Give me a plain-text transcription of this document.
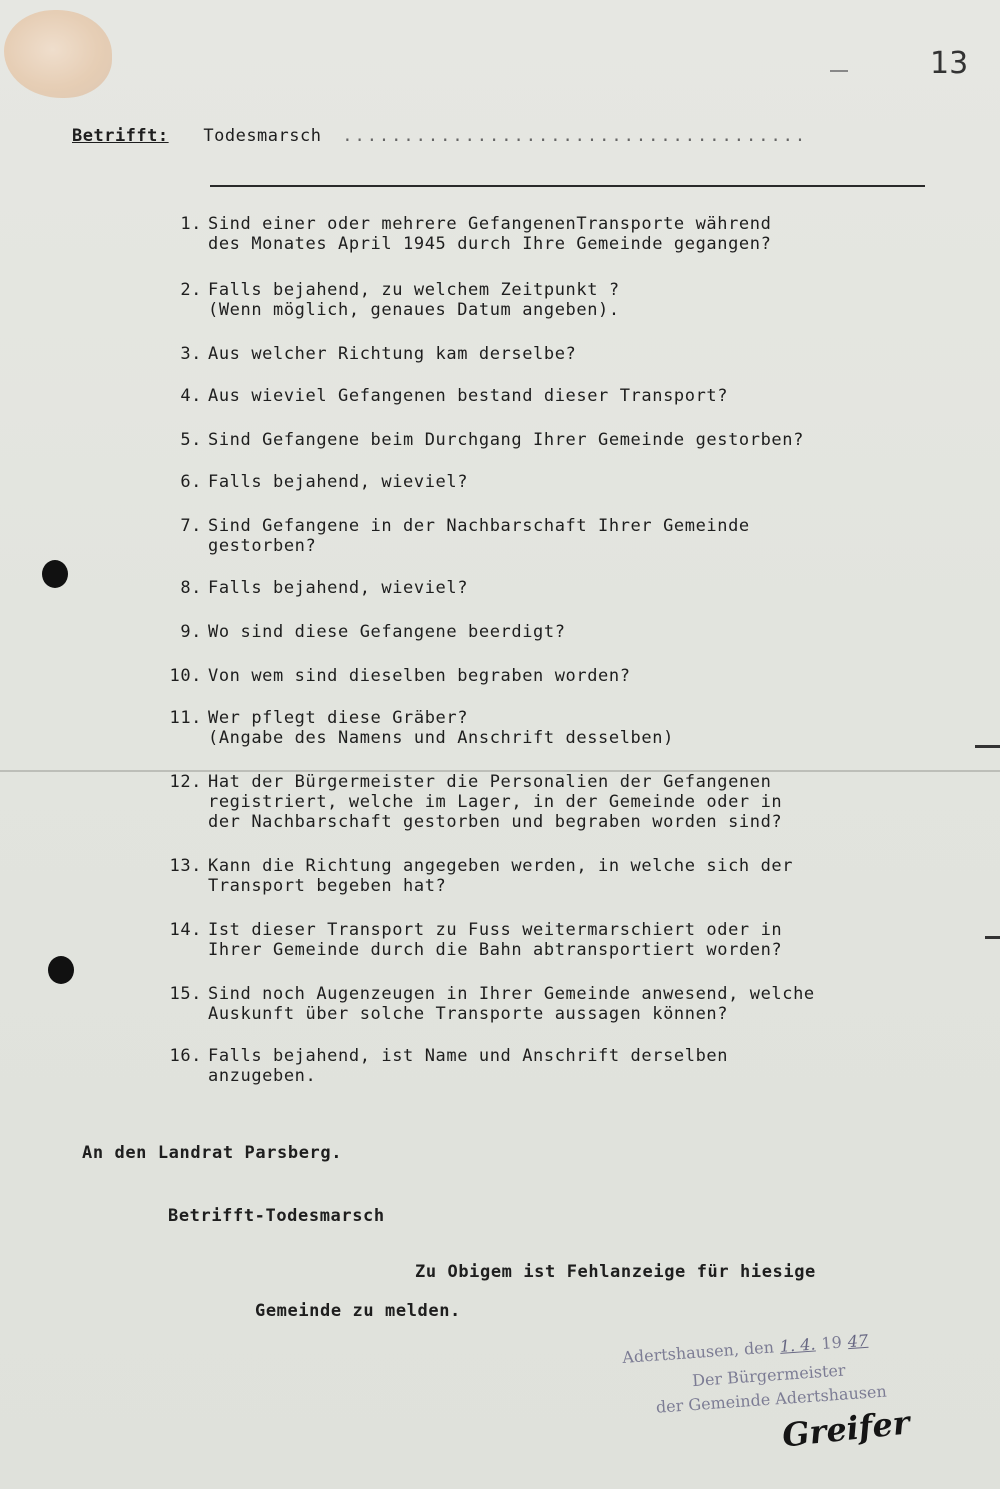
13
Betrifft: Todesmarsch ......................................
1. Sind einer oder mehrere GefangenenTransporte während
des Monates April 1945 durch Ihre Gemeinde gegangen?
2. Falls bejahend, zu welchem Zeitpunkt ?
(Wenn möglich, genaues Datum angeben).
3. Aus welcher Richtung kam derselbe?
4. Aus wieviel Gefangenen bestand dieser Transport?
5. Sind Gefangene beim Durchgang Ihrer Gemeinde gestorben?
6. Falls bejahend, wieviel?
7. Sind Gefangene in der Nachbarschaft Ihrer Gemeinde
gestorben?
8. Falls bejahend, wieviel?
9. Wo sind diese Gefangene beerdigt?
10. Von wem sind dieselben begraben worden?
11. Wer pflegt diese Gräber?
(Angabe des Namens und Anschrift desselben)
12. Hat der Bürgermeister die Personalien der Gefangenen
registriert, welche im Lager, in der Gemeinde oder in
der Nachbarschaft gestorben und begraben worden sind?
13. Kann die Richtung angegeben werden, in welche sich der
Transport begeben hat?
14. Ist dieser Transport zu Fuss weitermarschiert oder in
Ihrer Gemeinde durch die Bahn abtransportiert worden?
15. Sind noch Augenzeugen in Ihrer Gemeinde anwesend, welche
Auskunft über solche Transporte aussagen können?
16. Falls bejahend, ist Name und Anschrift derselben
anzugeben.
An den Landrat Parsberg.
Betrifft-Todesmarsch
Zu Obigem ist Fehlanzeige für hiesige
Gemeinde zu melden.
Adertshausen, den 1. 4. 19 47
Der Bürgermeister
der Gemeinde Adertshausen
Greifer
